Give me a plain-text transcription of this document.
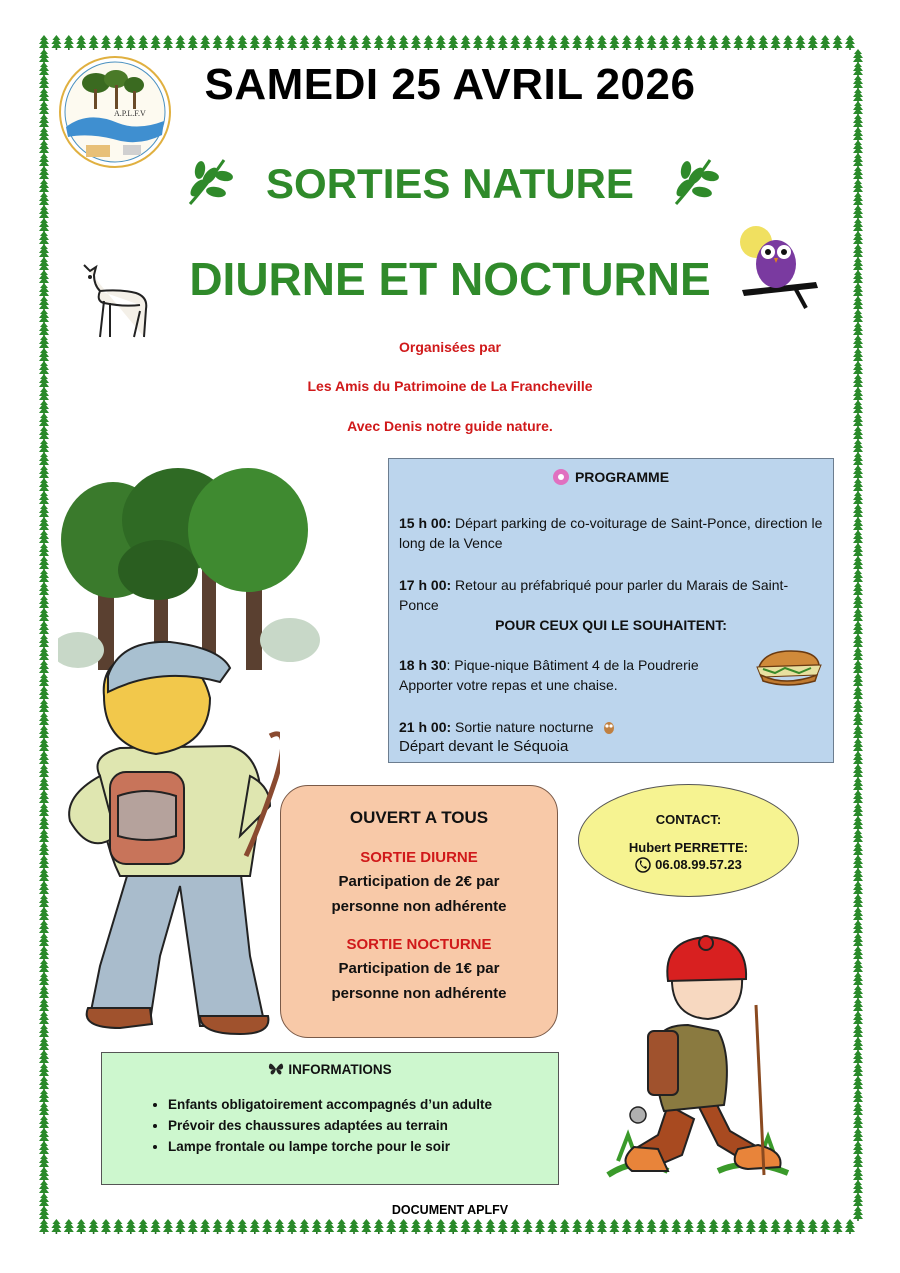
A.P.L.F.V
SAMEDI 25 AVRIL 2026
SORTIES NATURE
DIURNE ET NOCTURNE
Organisées par
Les Amis du Patrimoine de La Francheville
Avec Denis notre guide nature.
PROGRAMME

15 h 00: Départ parking de co-voiturage de Saint-Ponce, direction le long de la Vence

17 h 00: Retour au préfabriqué pour parler du Marais de Saint-Ponce

POUR CEUX QUI LE SOUHAITENT:

18 h 30: Pique-nique Bâtiment 4 de la Poudrerie

Apporter votre repas et une chaise.

21 h 00: Sortie nature nocturne

Départ devant le Séquoia

OUVERT A TOUS
SORTIE DIURNE
Participation de 2€ par
personne non adhérente
SORTIE NOCTURNE
Participation de 1€ par
personne non adhérente
CONTACT:
Hubert PERRETTE:
06.08.99.57.23
INFORMATIONS
• Enfants obligatoirement accompagnés d’un adulte
• Prévoir des chaussures adaptées au terrain
• Lampe frontale ou lampe torche pour le soir
DOCUMENT APLFV
